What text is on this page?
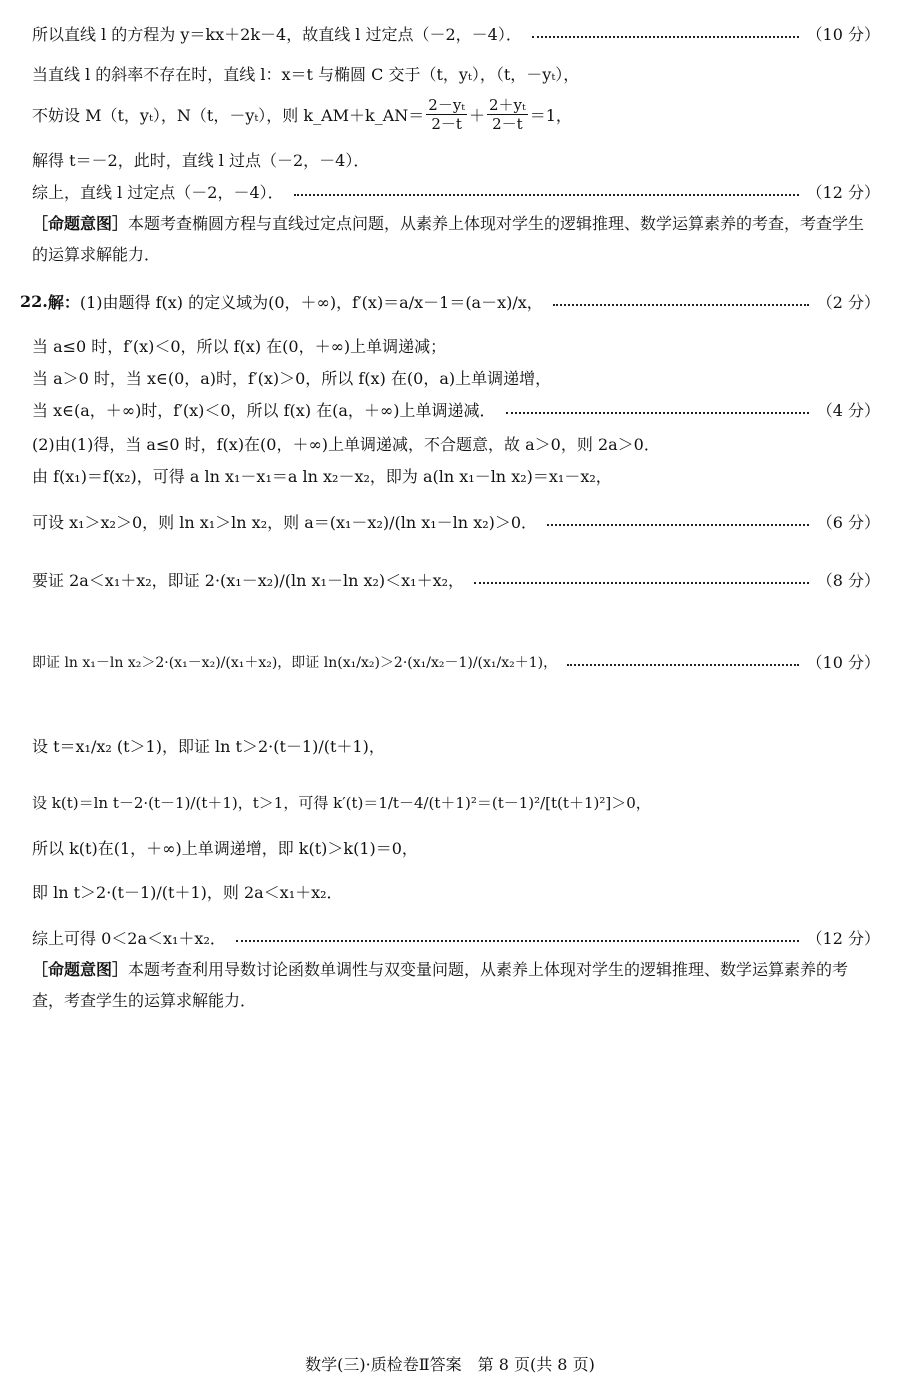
所以直线 l 的方程为 y＝kx＋2k－4，故直线 l 过定点（－2，－4）．	（10 分）
当直线 l 的斜率不存在时，直线 l：x＝t 与椭圆 C 交于（t，yₜ），（t，－yₜ），
不妨设 M（t，yₜ），N（t，－yₜ），则 k_AM＋k_AN＝ $\frac{\text{2－yₜ}}{2-t} + \frac{\text{2＋yₜ}}{2-t} =1$，
解得 t＝－2，此时，直线 l 过点（－2，－4）．
综上，直线 l 过定点（－2，－4）．	（12 分）
［命题意图］本题考查椭圆方程与直线过定点问题，从素养上体现对学生的逻辑推理、数学运算素养的考查，考查学生的运算求解能力．
22. 解： (1)由题得 f(x) 的定义域为(0，＋∞)，f′(x)＝a/x－1＝(a－x)/x，	（2 分）
当 a≤0 时，f′(x)＜0，所以 f(x) 在(0，＋∞)上单调递减；
当 a＞0 时，当 x∈(0，a)时，f′(x)＞0，所以 f(x) 在(0，a)上单调递增，
当 x∈(a，＋∞)时，f′(x)＜0，所以 f(x) 在(a，＋∞)上单调递减．	（4 分）
(2)由(1)得，当 a≤0 时，f(x)在(0，＋∞)上单调递减，不合题意，故 a＞0，则 2a＞0．
由 f(x₁)＝f(x₂)，可得 a ln x₁－x₁＝a ln x₂－x₂，即为 a(ln x₁－ln x₂)＝x₁－x₂，
可设 x₁＞x₂＞0，则 ln x₁＞ln x₂，则 a＝(x₁－x₂)/(ln x₁－ln x₂)＞0．	（6 分）
要证 2a＜x₁＋x₂，即证 2·(x₁－x₂)/(ln x₁－ln x₂)＜x₁＋x₂，	（8 分）
即证 ln x₁－ln x₂＞2·(x₁－x₂)/(x₁＋x₂)，即证 ln(x₁/x₂)＞2·(x₁/x₂－1)/(x₁/x₂＋1)，	（10 分）
设 t＝x₁/x₂ (t＞1)，即证 ln t＞2·(t－1)/(t＋1)，
设 k(t)＝ln t－2·(t－1)/(t＋1)，t＞1，可得 k′(t)＝1/t－4/(t＋1)²＝(t－1)²/[t(t＋1)²]＞0，
所以 k(t)在(1，＋∞)上单调递增，即 k(t)＞k(1)＝0，
即 ln t＞2·(t－1)/(t＋1)，则 2a＜x₁＋x₂．
综上可得 0＜2a＜x₁＋x₂．	（12 分）
［命题意图］本题考查利用导数讨论函数单调性与双变量问题，从素养上体现对学生的逻辑推理、数学运算素养的考查，考查学生的运算求解能力．
数学(三)·质检卷Ⅱ答案　第 8 页(共 8 页)
